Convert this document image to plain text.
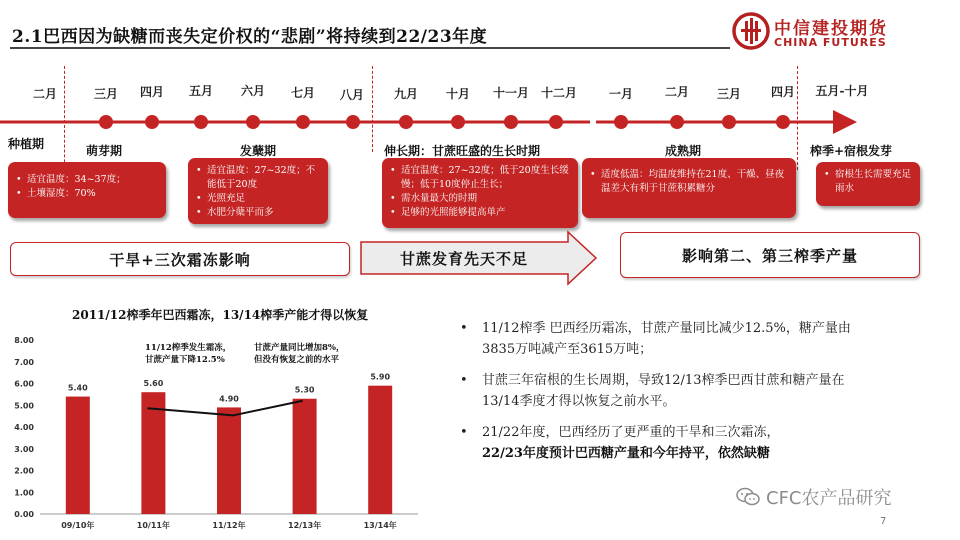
2.1巴西因为缺糖而丧失定价权的“悲剧”将持续到22/23年度	中信建投期货
CHINA FUTURES
二月	三月 四月 五月 六月 七月 八月 九月 十月 十一月 十二月	一月	二月 三月 四月 五月-十月
种植期	萌芽期	发蘖期	伸长期：甘蔗旺盛的生长时期	成熟期	榨季+宿根发芽
• 适宜温度：34~37度；
• 土壤湿度：70%
• 适宜温度：27~32度；不能低于20度
• 光照充足
• 水肥分蘖平而多
• 适宜温度：27~32度；低于20度生长缓慢；低于10度停止生长；
• 需水量最大的时期
• 足够的光照能够提高单产
• 适度低温：均温度维持在21度、干燥、昼夜温差大有利于甘蔗积累糖分
• 宿根生长需要充足雨水
干旱+三次霜冻影响	甘蔗发育先天不足	影响第二、第三榨季产量
2011/12榨季年巴西霜冻，13/14榨季产能才得以恢复
0.00
1.00
2.00
3.00
4.00
5.00
6.00
7.00
8.00
5.40
09/10年
5.60
10/11年
4.90
11/12年
5.30
12/13年
5.90
13/14年
11/12榨季发生霜冻，
甘蔗产量下降12.5%
甘蔗产量同比增加8%，
但没有恢复之前的水平
• 11/12榨季 巴西经历霜冻，甘蔗产量同比减少12.5%，糖产量由3835万吨减产至3615万吨；
• 甘蔗三年宿根的生长周期，导致12/13榨季巴西甘蔗和糖产量在13/14季度才得以恢复之前水平。
• 21/22年度，巴西经历了更严重的干旱和三次霜冻，
22/23年度预计巴西糖产量和今年持平，依然缺糖
CFC农产品研究
7
